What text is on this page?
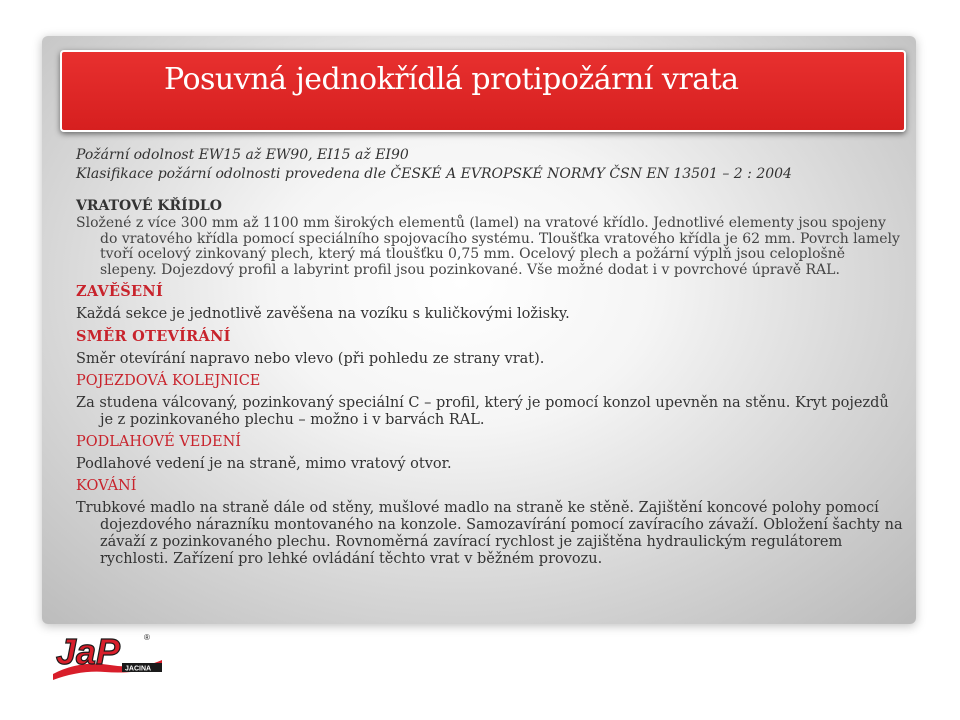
Posuvná jednokřídlá protipožární vrata
Požární odolnost EW15 až EW90, EI15 až EI90
Klasifikace požární odolnosti provedena dle ČESKÉ A EVROPSKÉ NORMY ČSN EN 13501 – 2 : 2004
VRATOVÉ KŘÍDLO
Složené z více 300 mm až 1100 mm širokých elementů (lamel) na vratové křídlo. Jednotlivé elementy jsou spojeny do vratového křídla pomocí speciálního spojovacího systému. Tloušťka vratového křídla je 62 mm. Povrch lamely tvoří ocelový zinkovaný plech, který má tloušťku 0,75 mm. Ocelový plech a požární výplň jsou celoplošně slepeny. Dojezdový profil a labyrint profil jsou pozinkované. Vše možné dodat i v povrchové úpravě RAL.
ZAVĚŠENÍ
Každá sekce je jednotlivě zavěšena na vozíku s kuličkovými ložisky.
SMĚR OTEVÍRÁNÍ
Směr otevírání napravo nebo vlevo (při pohledu ze strany vrat).
POJEZDOVÁ KOLEJNICE
Za studena válcovaný, pozinkovaný speciální C – profil, který je pomocí konzol upevněn na stěnu. Kryt pojezdů je z pozinkovaného plechu – možno i v barvách RAL.
PODLAHOVÉ VEDENÍ
Podlahové vedení je na straně, mimo vratový otvor.
KOVÁNÍ
Trubkové madlo na straně dále od stěny, mušlové madlo na straně ke stěně. Zajištění koncové polohy pomocí dojezdového nárazníku montovaného na konzole. Samozavírání pomocí zavíracího závaží. Obložení šachty na závaží z pozinkovaného plechu. Rovnoměrná zavírací rychlost je zajištěna hydraulickým regulátorem rychlosti. Zařízení pro lehké ovládání těchto vrat v běžném provozu.
JaP	®
JACINA
